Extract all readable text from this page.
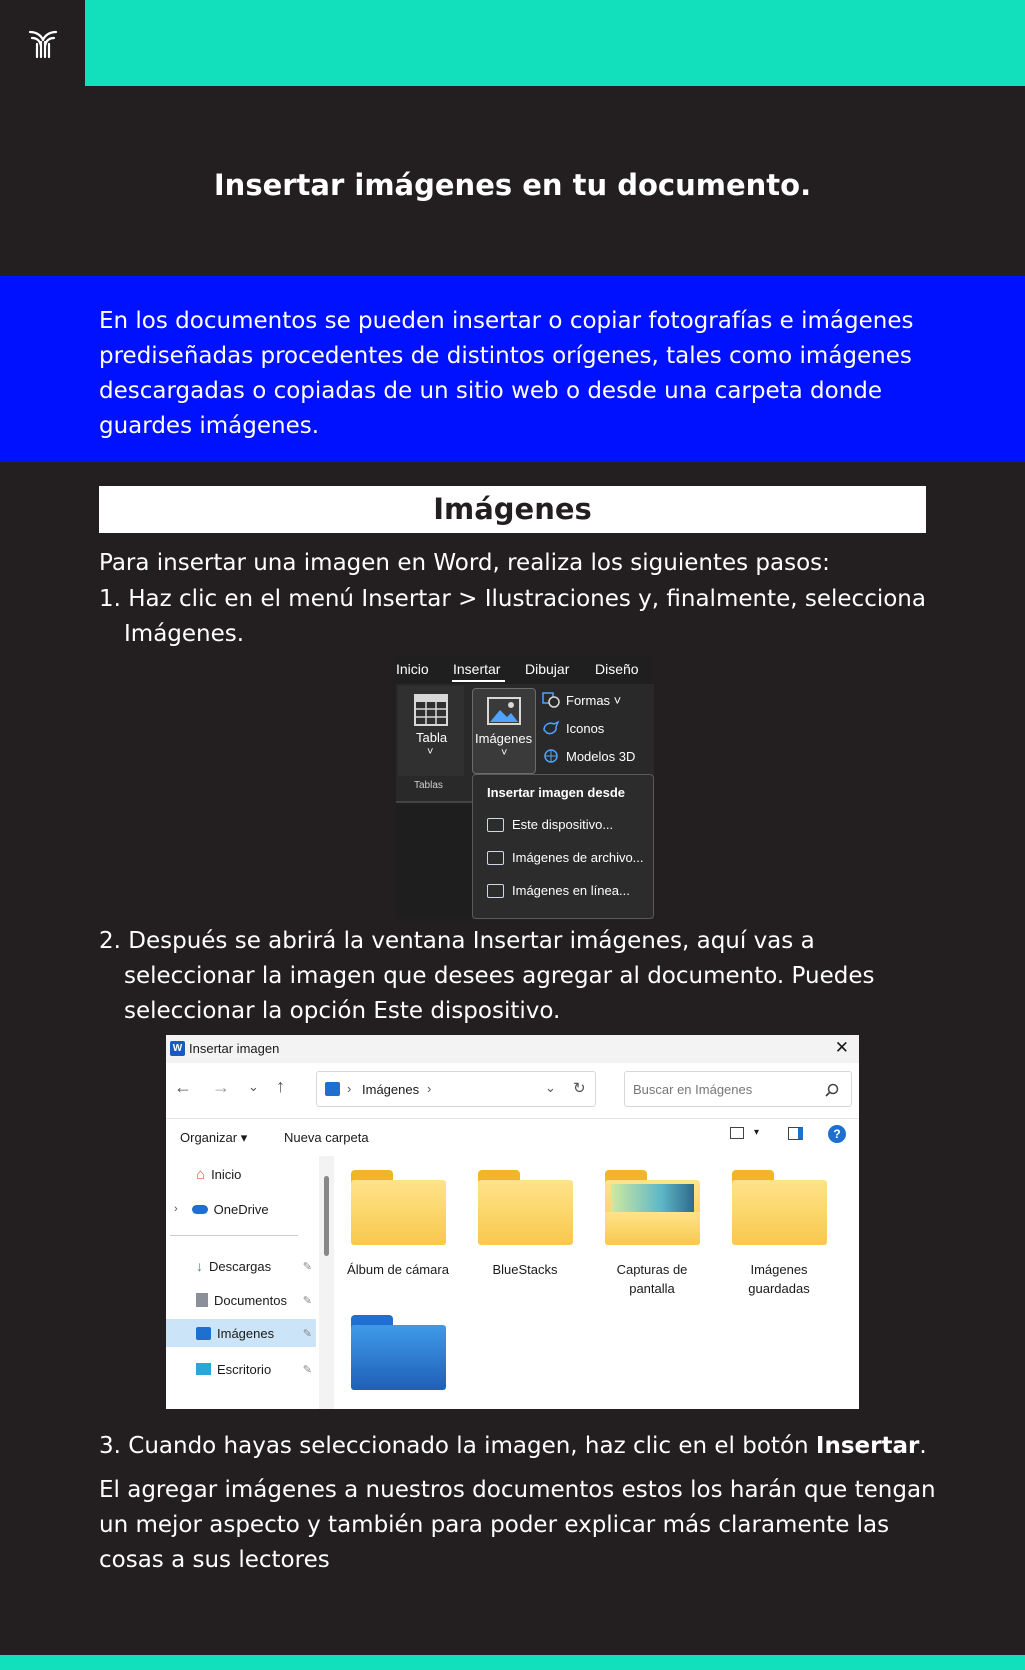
Insertar imágenes en tu documento.

En los documentos se pueden insertar o copiar fotografías e imágenes prediseñadas procedentes de distintos orígenes, tales como imágenes descargadas o copiadas de un sitio web o desde una carpeta donde guardes imágenes.

Imágenes

Para insertar una imagen en Word, realiza los siguientes pasos:

1. Haz clic en el menú Insertar > Ilustraciones y, finalmente, selecciona Imágenes.

Inicio Insertar Dibujar Diseño
Tabla
˅
Tablas
Imágenes
˅
Formas ˅
Iconos
Modelos 3D
Insertar imagen desde
Este dispositivo...
Imágenes de archivo...
Imágenes en línea...

2. Después se abrirá la ventana Insertar imágenes, aquí vas a seleccionar la imagen que desees agregar al documento. Puedes seleccionar la opción Este dispositivo.

W Insertar imagen	✕
← → ⌄ ↑	› Imágenes ›	⌄ ↻	Buscar en Imágenes
Organizar ▾	Nueva carpeta	▾	?
⌂ Inicio
›	OneDrive
↓ Descargas	✎
Documentos ✎
Imágenes	✎
Escritorio	✎
Álbum de cámara	BlueStacks	Capturas de pantalla
Imágenes guardadas

3. Cuando hayas seleccionado la imagen, haz clic en el botón Insertar.

El agregar imágenes a nuestros documentos estos los harán que tengan un mejor aspecto y también para poder explicar más claramente las cosas a sus lectores
